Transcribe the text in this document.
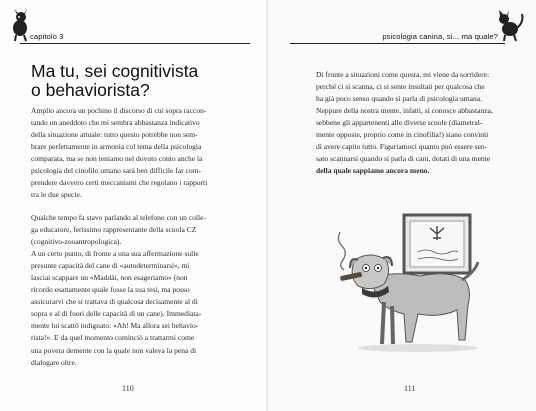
capitolo 3
Ma tu, sei cognitivista
o behaviorista?
Amplio ancora un pochino il discorso di cui sopra raccon-
tando un aneddoto che mi sembra abbastanza indicativo
della situazione attuale: tutto questo potrebbe non sem-
brare perfettamente in armonia col tema della psicologia
comparata, ma se non teniamo nel dovuto conto anche la
psicologia del cinofilo umano sarà ben difficile far com-
prendere davvero certi meccanismi che regolano i rapporti
tra le due specie.
Qualche tempo fa stavo parlando al telefono con un colle-
ga educatore, ferissimo rappresentante della scuola CZ
(cognitivo-zooantropologica).
A un certo punto, di fronte a una sua affermazione sulle
presunte capacità del cane di «autodeterminarsi», mi
lasciai scappare un «Maddài, non esageriamo» (non
ricordo esattamente quale fosse la sua tesi, ma posso
assicurarvi che si trattava di qualcosa decisamente al di
sopra e al di fuori delle capacità di un cane). Immediata-
mente lui scattò indignato: «Ah! Ma allora sei behavio-
rista!». E da quel momento cominciò a trattarmi come
una povera demente con la quale non valeva la pena di
dialogare oltre.
110
psicologia canina, sì... ma quale?
Di fronte a situazioni come questa, mi viene da sorridere:
perché ci si scanna, ci si sente insultati per qualcosa che
ha già poco senso quando si parla di psicologia umana.
Neppure della nostra mente, infatti, si conosce abbastanza,
sebbene gli appartenenti alle diverse scuole (diametral-
mente opposte, proprio come in cinofilia!) siano convinti
di avere capito tutto. Figuriamoci quanto può essere sen-
sato scannarsi quando si parla di cani, dotati di una mente
della quale sappiamo ancora meno.
111
